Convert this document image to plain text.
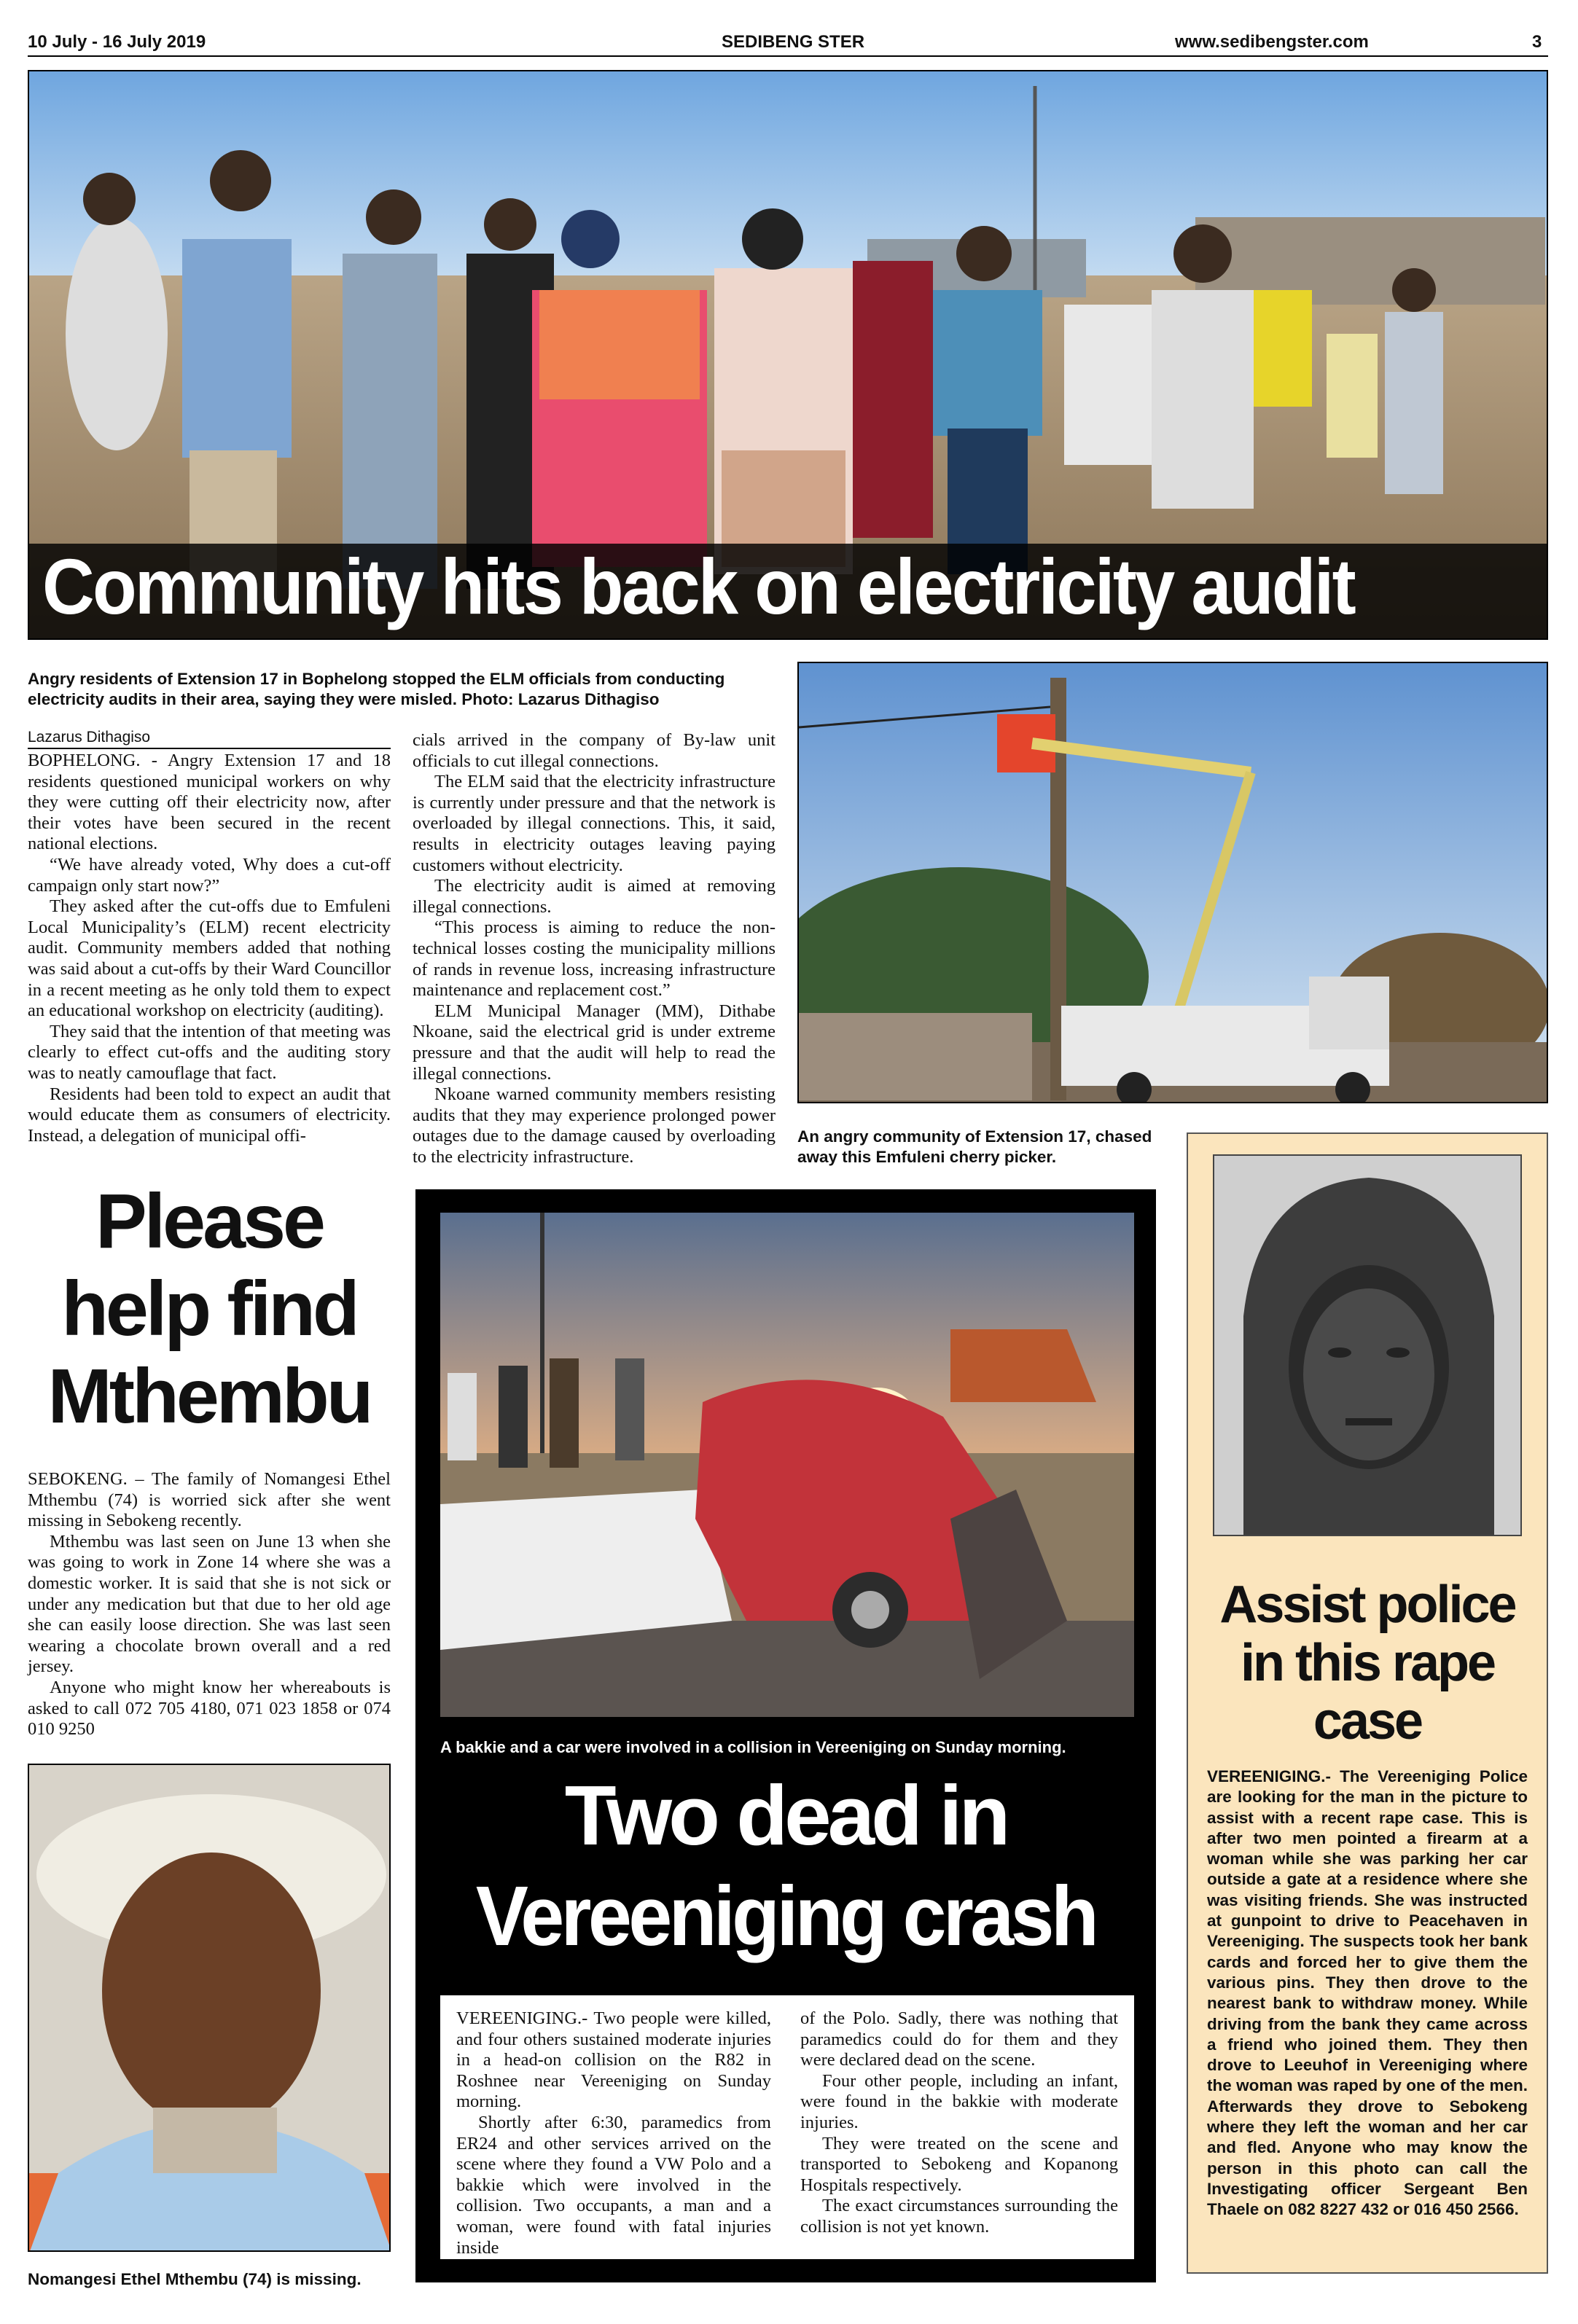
10 July - 16 July 2019	SEDIBENG STER	www.sedibengster.com	3
Community hits back on electricity audit
Angry residents of Extension 17 in Bophelong stopped the ELM officials from conducting electricity audits in their area, saying they were misled. Photo: Lazarus Dithagiso
Lazarus Dithagiso

BOPHELONG. - Angry Extension 17 and 18 residents questioned municipal workers on why they were cutting off their electricity now, after their votes have been secured in the recent national elections.

“We have already voted, Why does a cut-off campaign only start now?”

They asked after the cut-offs due to Emfuleni Local Municipality’s (ELM) recent electricity audit. Community members added that nothing was said about a cut-offs by their Ward Councillor in a recent meeting as he only told them to expect an educational workshop on electricity (auditing).

They said that the intention of that meeting was clearly to effect cut-offs and the auditing story was to neatly camouflage that fact.

Residents had been told to expect an audit that would educate them as consumers of electricity. Instead, a delegation of municipal offi-

cials arrived in the company of By-law unit officials to cut illegal connections.

The ELM said that the electricity infrastructure is currently under pressure and that the network is overloaded by illegal connections. This, it said, results in electricity outages leaving paying customers without electricity.

The electricity audit is aimed at removing illegal connections.

“This process is aiming to reduce the non-technical losses costing the municipality millions of rands in revenue loss, increasing infrastructure maintenance and replacement cost.”

ELM Municipal Manager (MM), Dithabe Nkoane, said the electrical grid is under extreme pressure and that the audit will help to read the illegal connections.

Nkoane warned community members resisting audits that they may experience prolonged power outages due to the damage caused by overloading to the electricity infrastructure.

An angry community of Extension 17, chased away this Emfuleni cherry picker.
Please
help find
Mthembu

SEBOKENG. – The family of Nomangesi Ethel Mthembu (74) is worried sick after she went missing in Sebokeng recently.

Mthembu was last seen on June 13 when she was going to work in Zone 14 where she was a domestic worker. It is said that she is not sick or under any medication but that due to her old age she can easily loose direction. She was last seen wearing a chocolate brown overall and a red jersey.

Anyone who might know her whereabouts is asked to call 072 705 4180, 071 023 1858 or 074 010 9250

Nomangesi Ethel Mthembu (74) is missing.
A bakkie and a car were involved in a collision in Vereeniging on Sunday morning.
Two dead in
Vereeniging crash

VEREENIGING.- Two people were killed, and four others sustained moderate injuries in a head-on collision on the R82 in Roshnee near Vereeniging on Sunday morning.

Shortly after 6:30, paramedics from ER24 and other services arrived on the scene where they found a VW Polo and a bakkie which were involved in the collision. Two occupants, a man and a woman, were found with fatal injuries inside

of the Polo. Sadly, there was nothing that paramedics could do for them and they were declared dead on the scene.

Four other people, including an infant, were found in the bakkie with moderate injuries.

They were treated on the scene and transported to Sebokeng and Kopanong Hospitals respectively.

The exact circumstances surrounding the collision is not yet known.

Assist police
in this rape
case
VEREENIGING.- The Vereeniging Police are looking for the man in the picture to assist with a recent rape case. This is after two men pointed a firearm at a woman while she was parking her car outside a gate at a residence where she was visiting friends. She was instructed at gunpoint to drive to Peacehaven in Vereeniging. The suspects took her bank cards and forced her to give them the various pins. They then drove to the nearest bank to withdraw money. While driving from the bank they came across a friend who joined them. They then drove to Leeuhof in Vereeniging where the woman was raped by one of the men. Afterwards they drove to Sebokeng where they left the woman and her car and fled. Anyone who may know the person in this photo can call the Investigating officer Sergeant Ben Thaele on 082 8227 432 or 016 450 2566.
